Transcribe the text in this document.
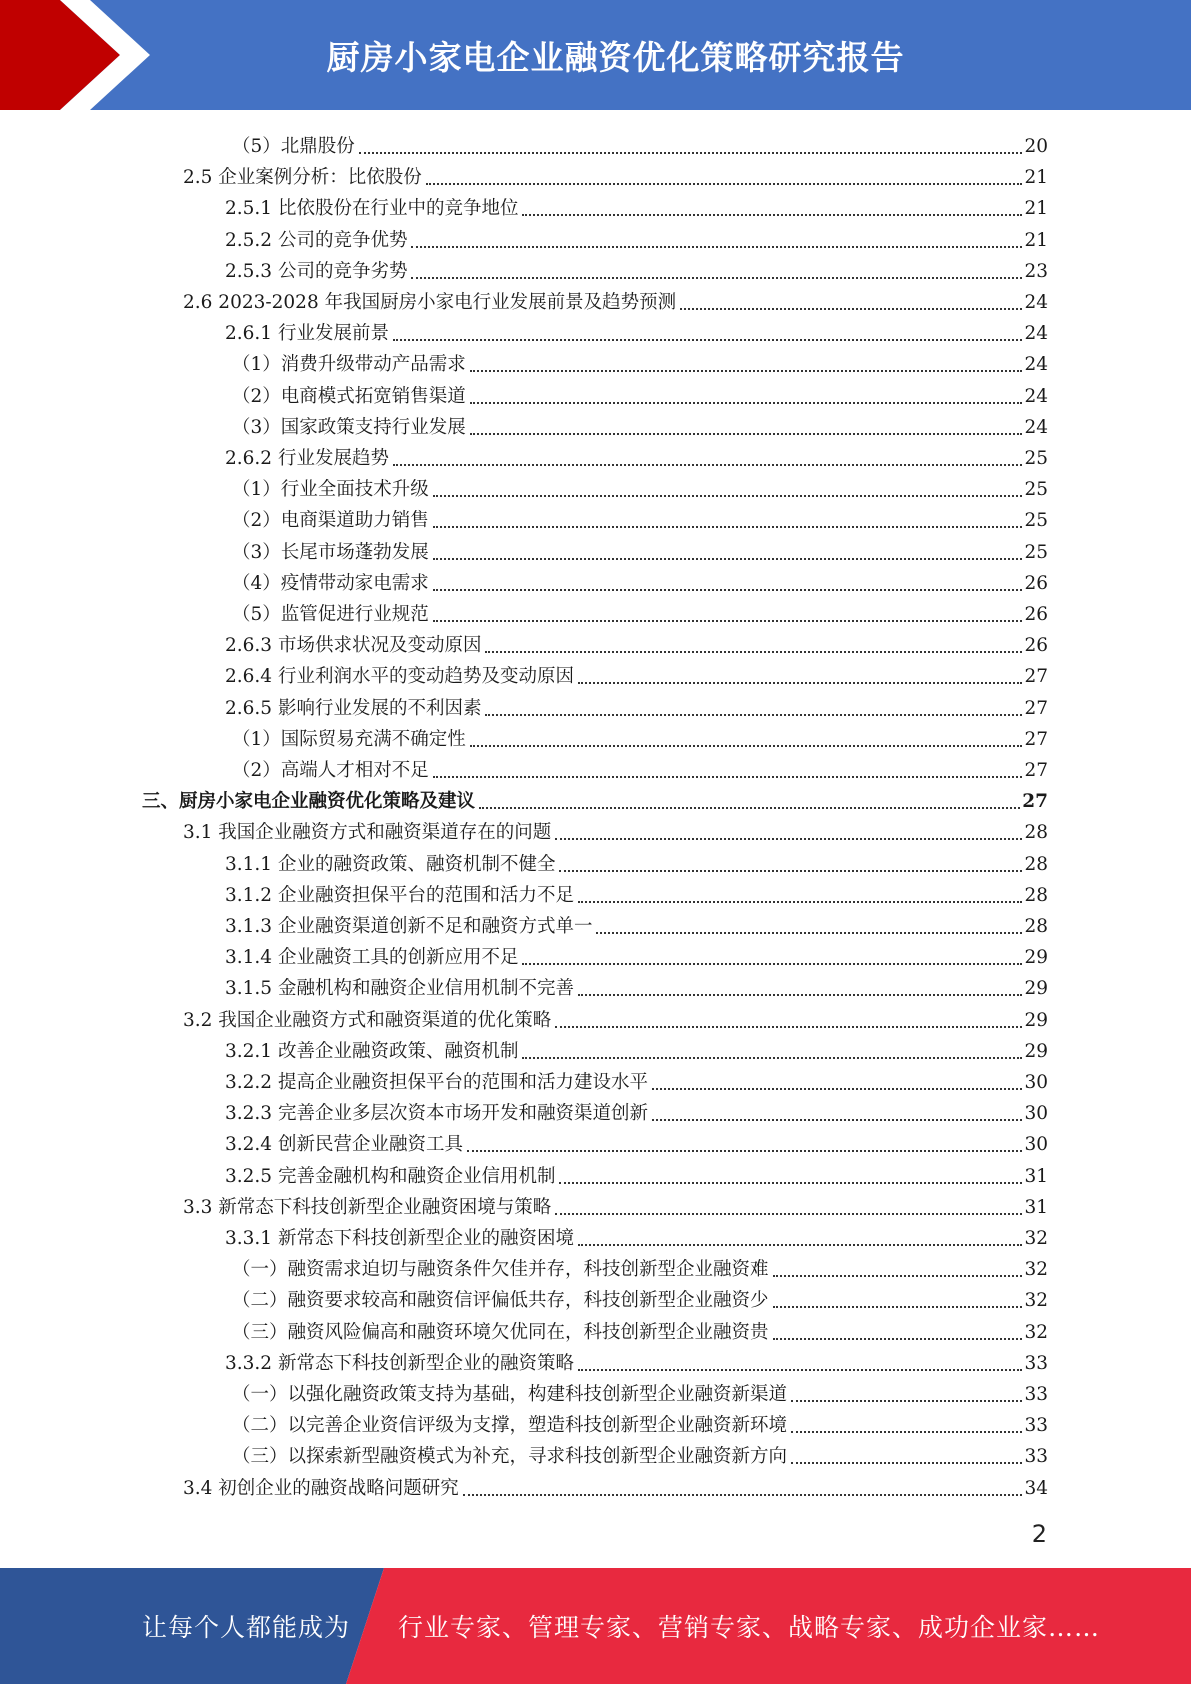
厨房小家电企业融资优化策略研究报告
（5）北鼎股份	20
2.5 企业案例分析：比依股份	21
2.5.1 比依股份在行业中的竞争地位	21
2.5.2 公司的竞争优势	21
2.5.3 公司的竞争劣势	23
2.6 2023-2028 年我国厨房小家电行业发展前景及趋势预测	24
2.6.1 行业发展前景	24
（1）消费升级带动产品需求	24
（2）电商模式拓宽销售渠道	24
（3）国家政策支持行业发展	24
2.6.2 行业发展趋势	25
（1）行业全面技术升级	25
（2）电商渠道助力销售	25
（3）长尾市场蓬勃发展	25
（4）疫情带动家电需求	26
（5）监管促进行业规范	26
2.6.3 市场供求状况及变动原因	26
2.6.4 行业利润水平的变动趋势及变动原因	27
2.6.5 影响行业发展的不利因素	27
（1）国际贸易充满不确定性	27
（2）高端人才相对不足	27
三、厨房小家电企业融资优化策略及建议	27
3.1 我国企业融资方式和融资渠道存在的问题	28
3.1.1 企业的融资政策、融资机制不健全	28
3.1.2 企业融资担保平台的范围和活力不足	28
3.1.3 企业融资渠道创新不足和融资方式单一	28
3.1.4 企业融资工具的创新应用不足	29
3.1.5 金融机构和融资企业信用机制不完善	29
3.2 我国企业融资方式和融资渠道的优化策略	29
3.2.1 改善企业融资政策、融资机制	29
3.2.2 提高企业融资担保平台的范围和活力建设水平	30
3.2.3 完善企业多层次资本市场开发和融资渠道创新	30
3.2.4 创新民营企业融资工具	30
3.2.5 完善金融机构和融资企业信用机制	31
3.3 新常态下科技创新型企业融资困境与策略	31
3.3.1 新常态下科技创新型企业的融资困境	32
（一）融资需求迫切与融资条件欠佳并存，科技创新型企业融资难	32
（二）融资要求较高和融资信评偏低共存，科技创新型企业融资少	32
（三）融资风险偏高和融资环境欠优同在，科技创新型企业融资贵	32
3.3.2 新常态下科技创新型企业的融资策略	33
（一）以强化融资政策支持为基础，构建科技创新型企业融资新渠道	33
（二）以完善企业资信评级为支撑，塑造科技创新型企业融资新环境	33
（三）以探索新型融资模式为补充，寻求科技创新型企业融资新方向	33
3.4 初创企业的融资战略问题研究	34
2
让每个人都能成为 行业专家、管理专家、营销专家、战略专家、成功企业家……
